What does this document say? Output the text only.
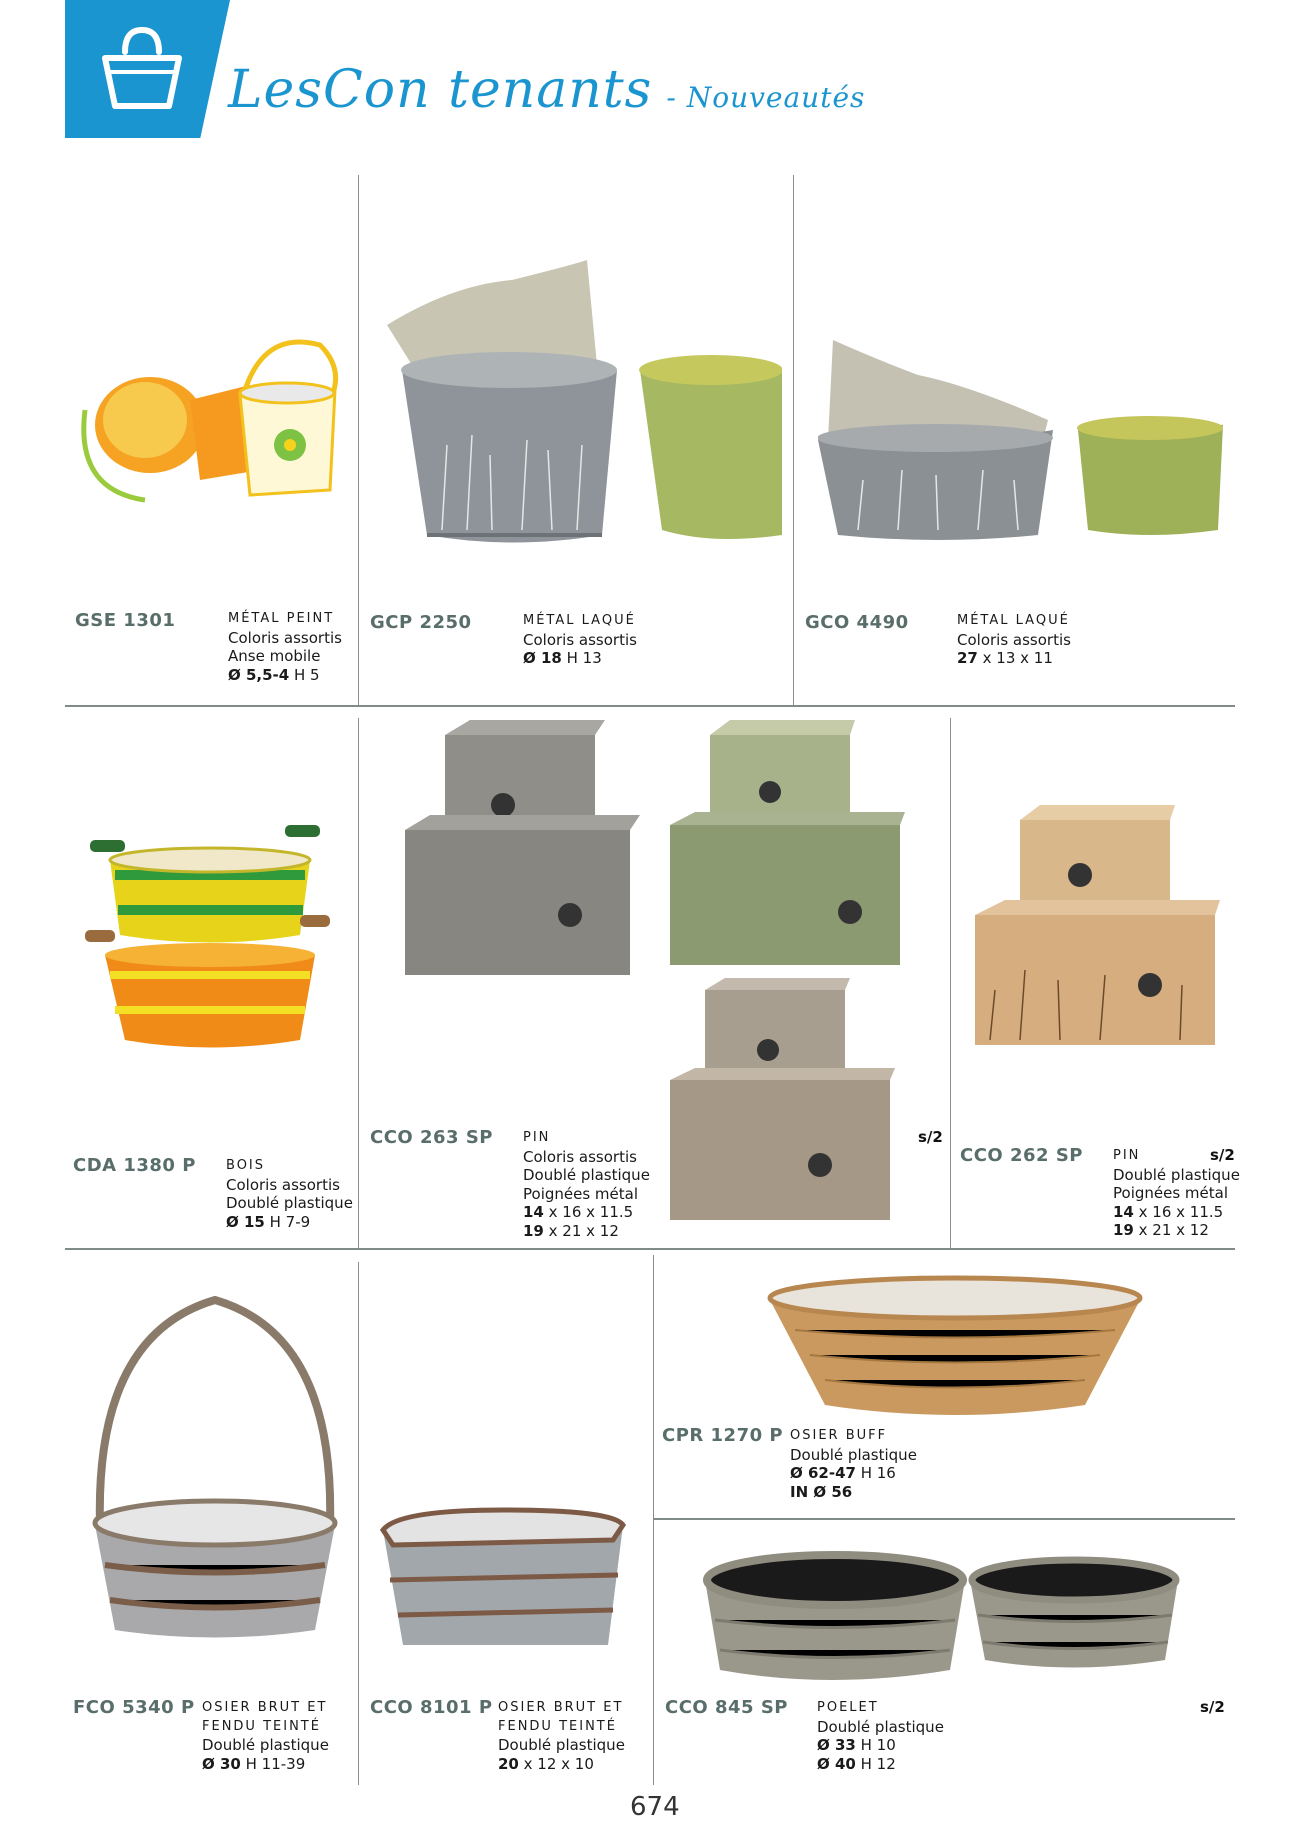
LesCon tenants - Nouveautés
GSE 1301	MÉTAL PEINT
Coloris assortis
Anse mobile
Ø 5,5-4 H 5
GCP 2250	MÉTAL LAQUÉ
Coloris assortis
Ø 18 H 13
GCO 4490	MÉTAL LAQUÉ
Coloris assortis
27 x 13 x 11
CDA 1380 P BOIS
Coloris assortis
Doublé plastique
Ø 15 H 7-9
CCO 263 SP PIN
Coloris assortis
Doublé plastique
Poignées métal
14 x 16 x 11.5
19 x 21 x 12
s/2
CCO 262 SP PIN
Doublé plastique
Poignées métal
14 x 16 x 11.5
19 x 21 x 12
s/2
CPR 1270 P OSIER BUFF
Doublé plastique
Ø 62-47 H 16
IN Ø 56
FCO 5340 P OSIER BRUT ET
FENDU TEINTÉ
Doublé plastique
Ø 30 H 11-39
CCO 8101 P OSIER BRUT ET
FENDU TEINTÉ
Doublé plastique
20 x 12 x 10
CCO 845 SP POELET
Doublé plastique
Ø 33 H 10
Ø 40 H 12
s/2
674
